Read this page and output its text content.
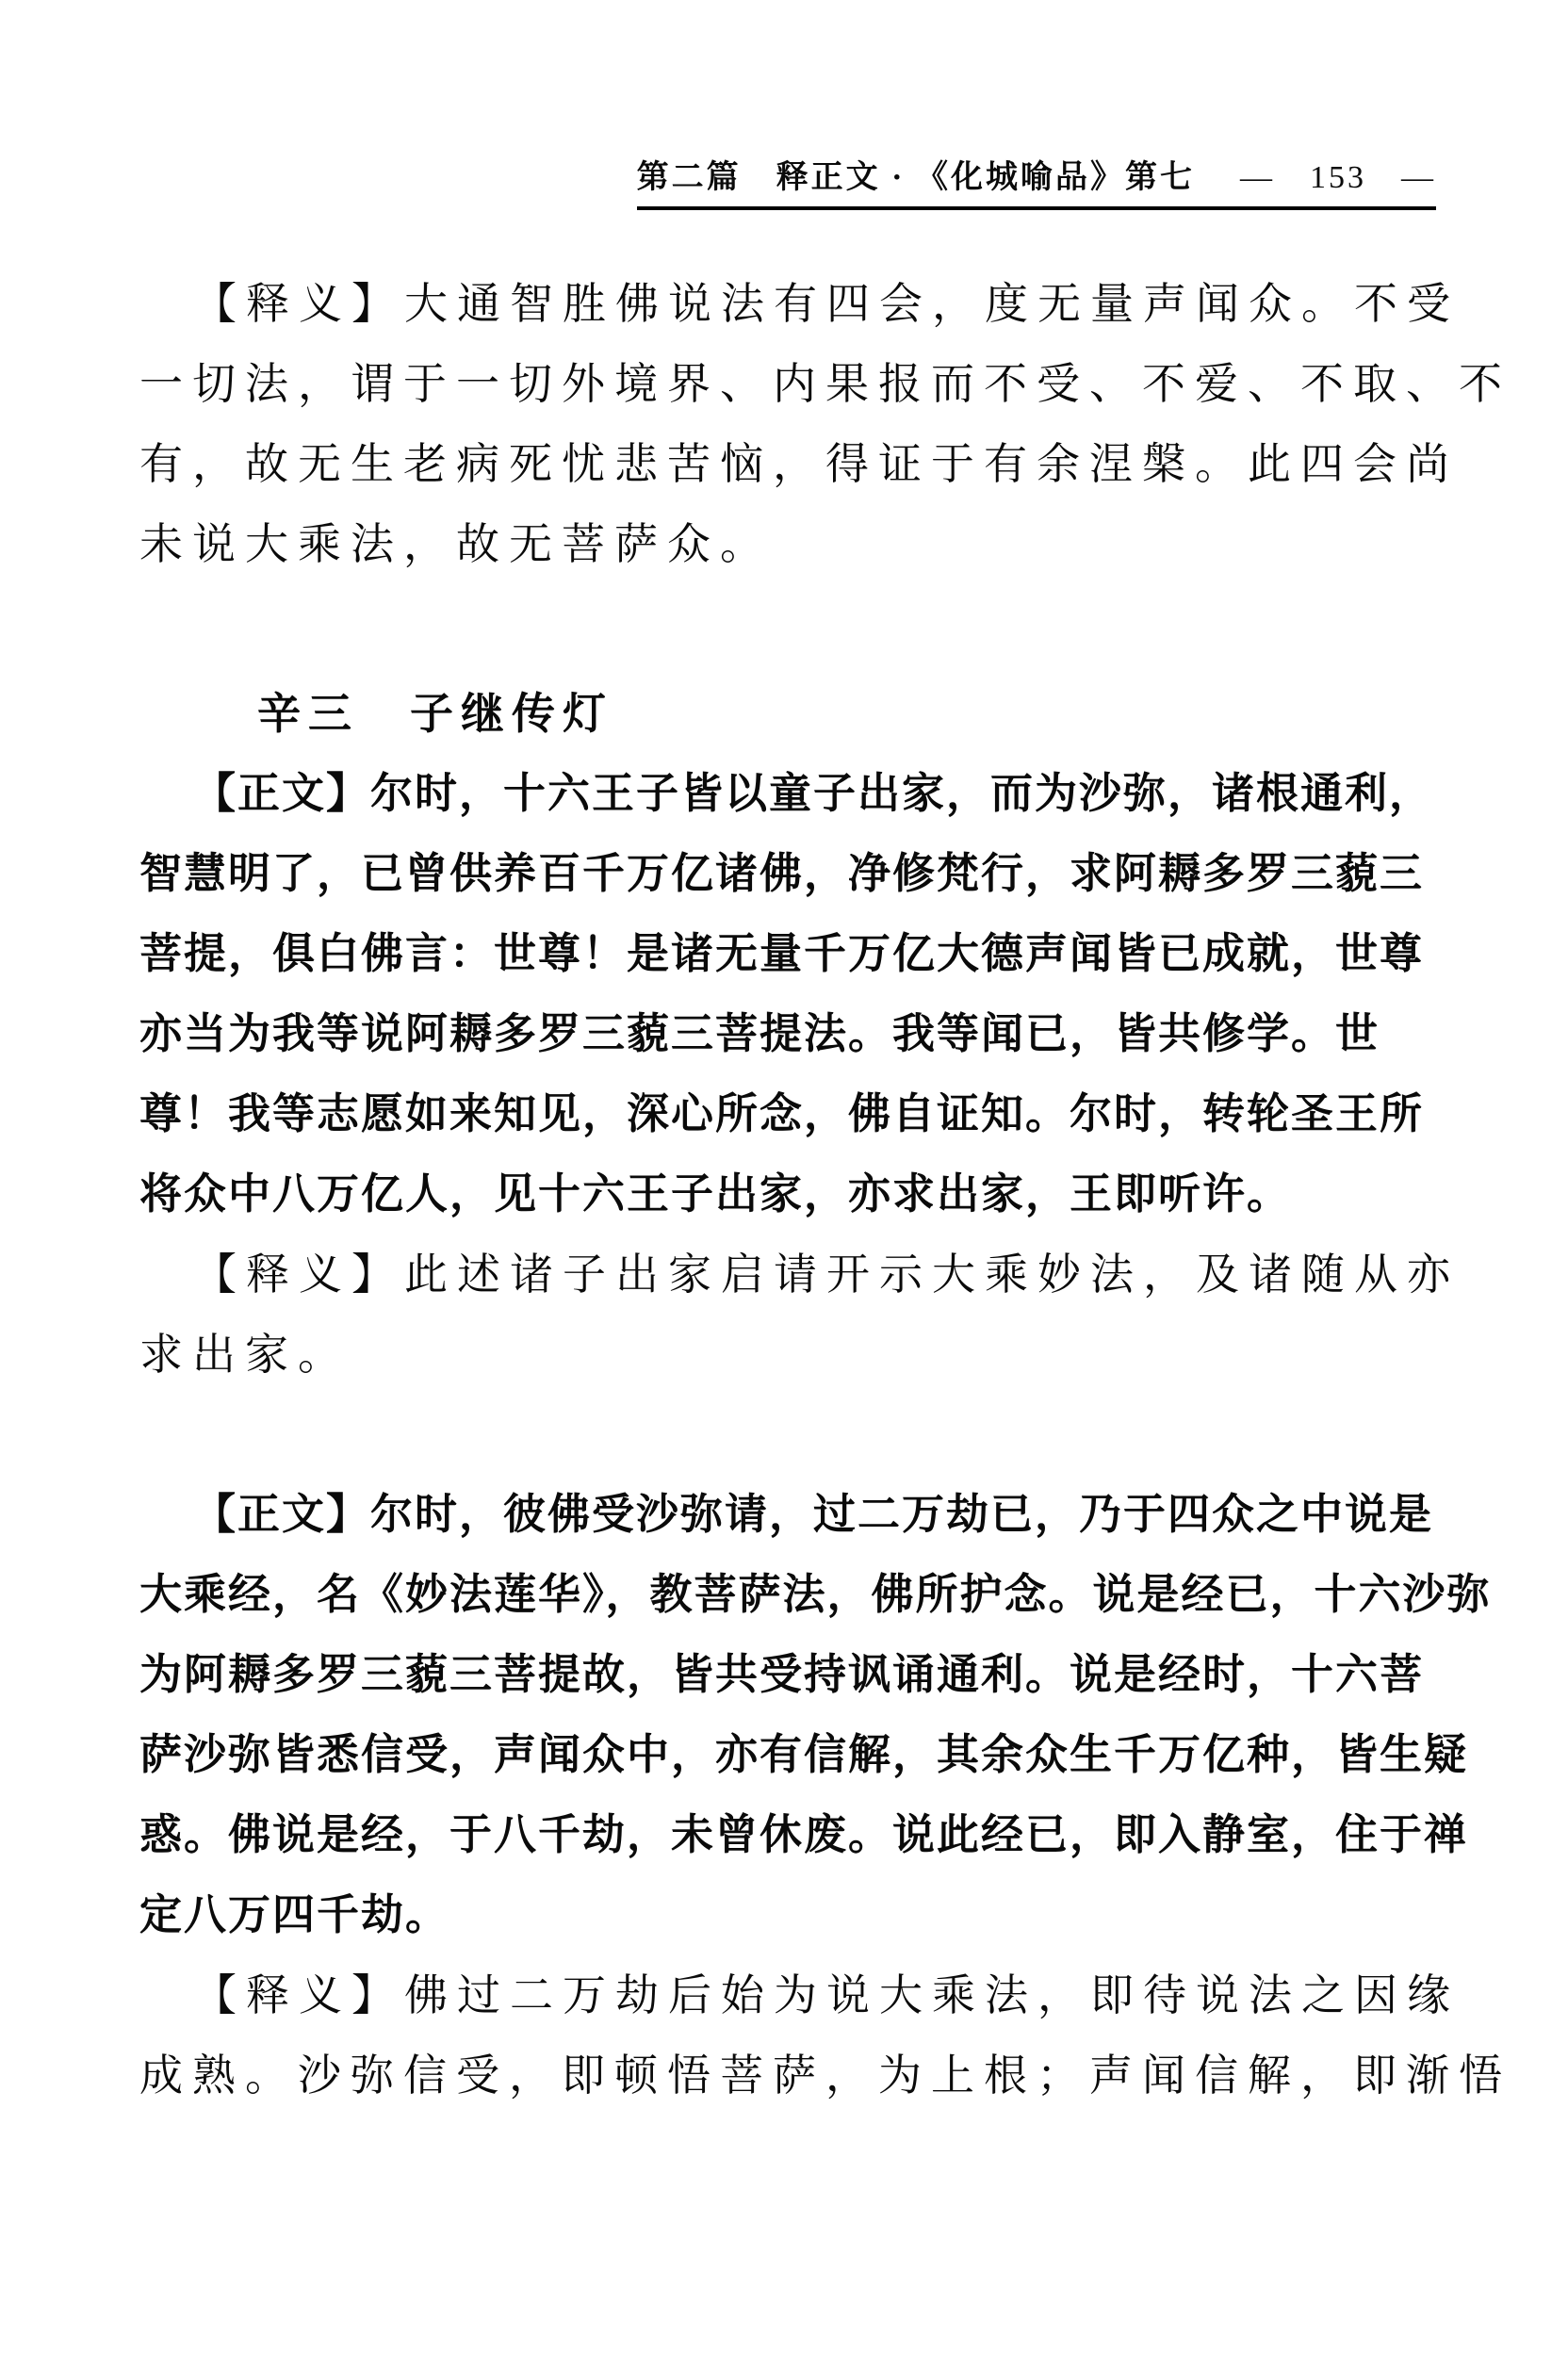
第二篇　释正文 · 《化城喻品》第七 —　153　—
【释义】大通智胜佛说法有四会，度无量声闻众。不受
一切法，谓于一切外境界、内果报而不受、不爱、不取、不
有，故无生老病死忧悲苦恼，得证于有余涅槃。此四会尚
未说大乘法，故无菩萨众。
辛三　子继传灯
【正文】尔时，十六王子皆以童子出家，而为沙弥，诸根通利，
智慧明了，已曾供养百千万亿诸佛，净修梵行，求阿耨多罗三藐三
菩提，俱白佛言：世尊！是诸无量千万亿大德声闻皆已成就，世尊
亦当为我等说阿耨多罗三藐三菩提法。我等闻已，皆共修学。世
尊！我等志愿如来知见，深心所念，佛自证知。尔时，转轮圣王所
将众中八万亿人，见十六王子出家，亦求出家，王即听许。
【释义】此述诸子出家启请开示大乘妙法，及诸随从亦
求出家。
【正文】尔时，彼佛受沙弥请，过二万劫已，乃于四众之中说是
大乘经，名《妙法莲华》，教菩萨法，佛所护念。说是经已，十六沙弥
为阿耨多罗三藐三菩提故，皆共受持讽诵通利。说是经时，十六菩
萨沙弥皆悉信受，声闻众中，亦有信解，其余众生千万亿种，皆生疑
惑。佛说是经，于八千劫，未曾休废。说此经已，即入静室，住于禅
定八万四千劫。
【释义】佛过二万劫后始为说大乘法，即待说法之因缘
成熟。沙弥信受，即顿悟菩萨，为上根；声闻信解，即渐悟
